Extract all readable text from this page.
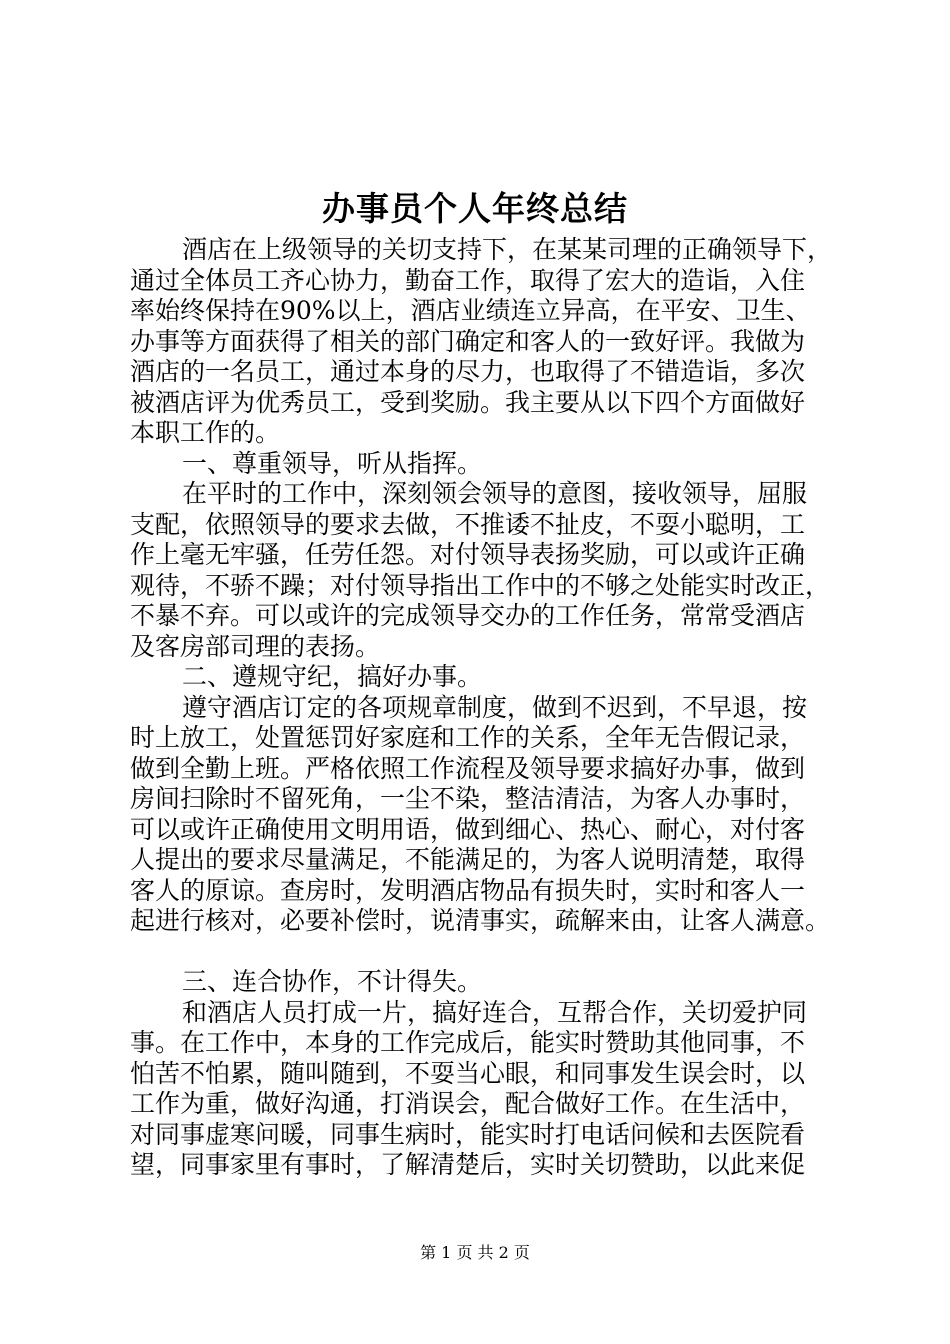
办事员个人年终总结
酒店在上级领导的关切支持下，在某某司理的正确领导下，
通过全体员工齐心协力，勤奋工作，取得了宏大的造诣，入住
率始终保持在90%以上，酒店业绩连立异高，在平安、卫生、
办事等方面获得了相关的部门确定和客人的一致好评。我做为
酒店的一名员工，通过本身的尽力，也取得了不错造诣，多次
被酒店评为优秀员工，受到奖励。我主要从以下四个方面做好
本职工作的。
一、尊重领导，听从指挥。
在平时的工作中，深刻领会领导的意图，接收领导，屈服
支配，依照领导的要求去做，不推诿不扯皮，不耍小聪明，工
作上毫无牢骚，任劳任怨。对付领导表扬奖励，可以或许正确
观待，不骄不躁；对付领导指出工作中的不够之处能实时改正，
不暴不弃。可以或许的完成领导交办的工作任务，常常受酒店
及客房部司理的表扬。
二、遵规守纪，搞好办事。
遵守酒店订定的各项规章制度，做到不迟到，不早退，按
时上放工，处置惩罚好家庭和工作的关系，全年无告假记录，
做到全勤上班。严格依照工作流程及领导要求搞好办事，做到
房间扫除时不留死角，一尘不染，整洁清洁，为客人办事时，
可以或许正确使用文明用语，做到细心、热心、耐心，对付客
人提出的要求尽量满足，不能满足的，为客人说明清楚，取得
客人的原谅。查房时，发明酒店物品有损失时，实时和客人一
起进行核对，必要补偿时，说清事实，疏解来由，让客人满意。
三、连合协作，不计得失。
和酒店人员打成一片，搞好连合，互帮合作，关切爱护同
事。在工作中，本身的工作完成后，能实时赞助其他同事，不
怕苦不怕累，随叫随到，不耍当心眼，和同事发生误会时，以
工作为重，做好沟通，打消误会，配合做好工作。在生活中，
对同事虚寒问暖，同事生病时，能实时打电话问候和去医院看
望，同事家里有事时，了解清楚后，实时关切赞助，以此来促
第 1 页 共 2 页
